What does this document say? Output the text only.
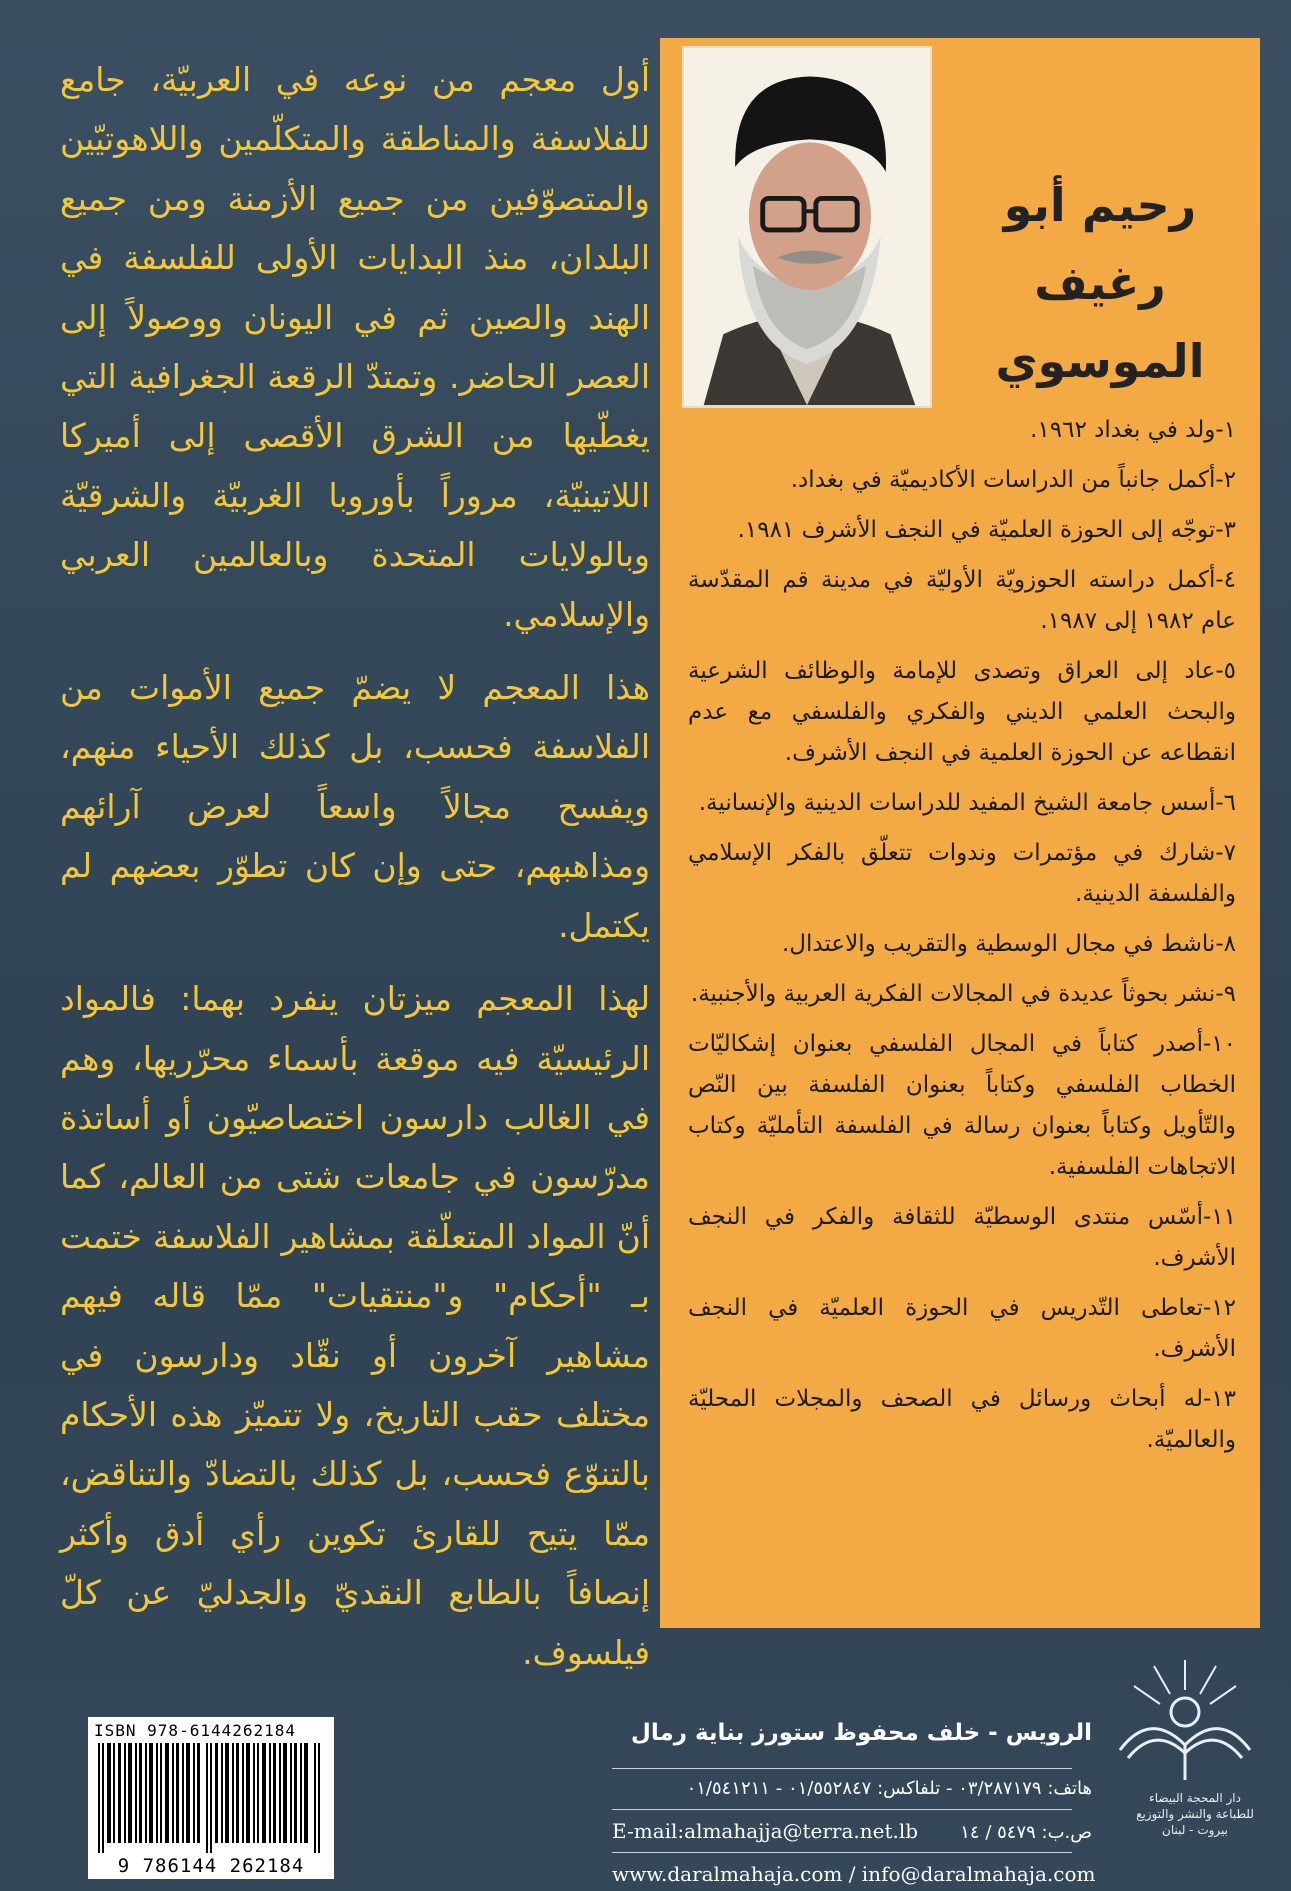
أول معجم من نوعه في العربيّة، جامع للفلاسفة والمناطقة والمتكلّمين واللاهوتيّين والمتصوّفين من جميع الأزمنة ومن جميع البلدان، منذ البدايات الأولى للفلسفة في الهند والصين ثم في اليونان ووصولاً إلى العصر الحاضر. وتمتدّ الرقعة الجغرافية التي يغطّيها من الشرق الأقصى إلى أميركا اللاتينيّة، مروراً بأوروبا الغربيّة والشرقيّة وبالولايات المتحدة وبالعالمين العربي والإسلامي.

هذا المعجم لا يضمّ جميع الأموات من الفلاسفة فحسب، بل كذلك الأحياء منهم، ويفسح مجالاً واسعاً لعرض آرائهم ومذاهبهم، حتى وإن كان تطوّر بعضهم لم يكتمل.

لهذا المعجم ميزتان ينفرد بهما: فالمواد الرئيسيّة فيه موقعة بأسماء محرّريها، وهم في الغالب دارسون اختصاصيّون أو أساتذة مدرّسون في جامعات شتى من العالم، كما أنّ المواد المتعلّقة بمشاهير الفلاسفة ختمت بـ "أحكام" و"منتقيات" ممّا قاله فيهم مشاهير آخرون أو نقّاد ودارسون في مختلف حقب التاريخ، ولا تتميّز هذه الأحكام بالتنوّع فحسب، بل كذلك بالتضادّ والتناقض، ممّا يتيح للقارئ تكوين رأي أدق وأكثر إنصافاً بالطابع النقديّ والجدليّ عن كلّ فيلسوف.

رحيم أبو
رغيف
الموسوي
١-ولد في بغداد ١٩٦٢.
٢-أكمل جانباً من الدراسات الأكاديميّة في بغداد.
٣-توجّه إلى الحوزة العلميّة في النجف الأشرف ١٩٨١.
٤-أكمل دراسته الحوزويّة الأوليّة في مدينة قم المقدّسة عام ١٩٨٢ إلى ١٩٨٧.
٥-عاد إلى العراق وتصدى للإمامة والوظائف الشرعية والبحث العلمي الديني والفكري والفلسفي مع عدم انقطاعه عن الحوزة العلمية في النجف الأشرف.
٦-أسس جامعة الشيخ المفيد للدراسات الدينية والإنسانية.
٧-شارك في مؤتمرات وندوات تتعلّق بالفكر الإسلامي والفلسفة الدينية.
٨-ناشط في مجال الوسطية والتقريب والاعتدال.
٩-نشر بحوثاً عديدة في المجالات الفكرية العربية والأجنبية.
١٠-أصدر كتاباً في المجال الفلسفي بعنوان إشكاليّات الخطاب الفلسفي وكتاباً بعنوان الفلسفة بين النّص والتّأويل وكتاباً بعنوان رسالة في الفلسفة التأمليّة وكتاب الاتجاهات الفلسفية.
١١-أسّس منتدى الوسطيّة للثقافة والفكر في النجف الأشرف.
١٢-تعاطى التّدريس في الحوزة العلميّة في النجف الأشرف.
١٣-له أبحاث ورسائل في الصحف والمجلات المحليّة والعالميّة.
ISBN 978-6144262184
9 786144 262184
الرويس - خلف محفوظ ستورز بناية رمال
هاتف: ٠٣/٢٨٧١٧٩ - تلفاكس: ٠١/٥٥٢٨٤٧ - ٠١/٥٤١٢١١
E-mail:almahajja@terra.net.lb ص.ب: ٥٤٧٩ / ١٤
www.daralmahaja.com / info@daralmahaja.com
دار المحجة البيضاء
للطباعة والنشر والتوزيع
بيروت - لبنان
